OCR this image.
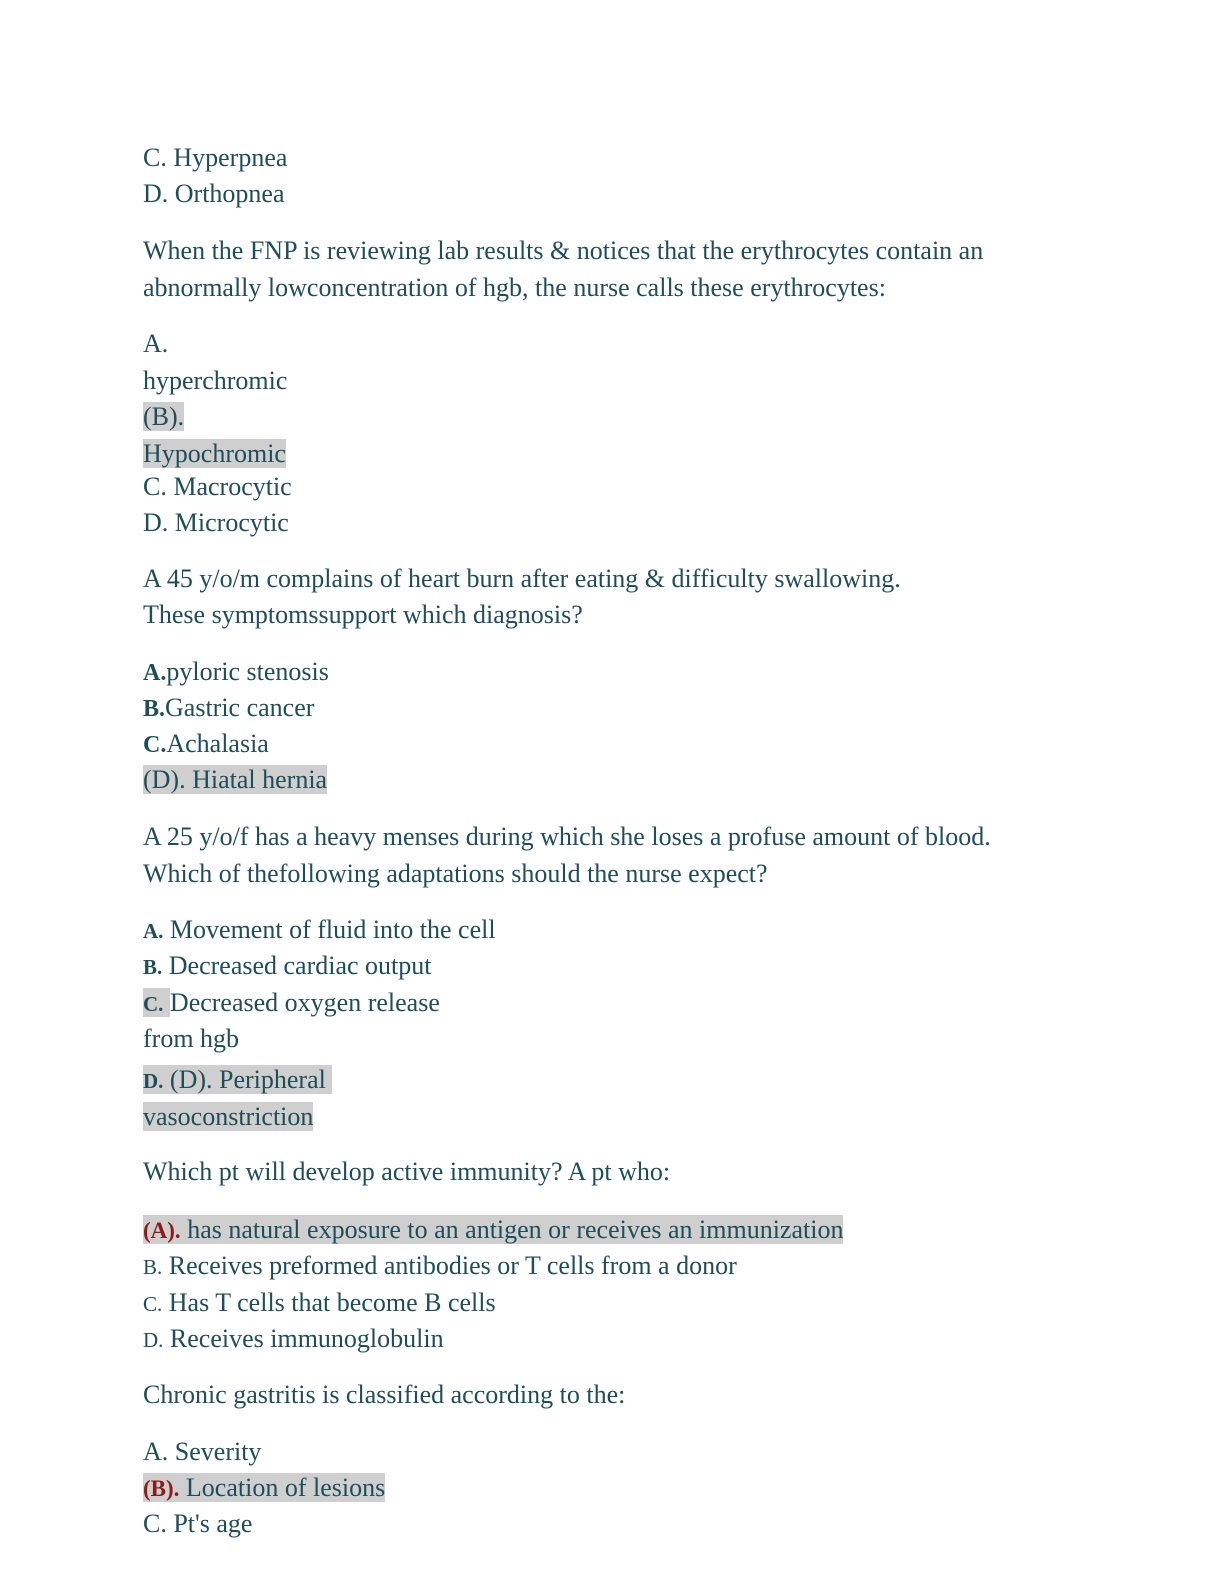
C. Hyperpnea
D. Orthopnea
When the FNP is reviewing lab results & notices that the erythrocytes contain an
abnormally lowconcentration of hgb, the nurse calls these erythrocytes:
A.
hyperchromic
(B).
Hypochromic
C. Macrocytic
D. Microcytic
A 45 y/o/m complains of heart burn after eating & difficulty swallowing.
These symptomssupport which diagnosis?
A.pyloric stenosis
B.Gastric cancer
C.Achalasia
(D). Hiatal hernia
A 25 y/o/f has a heavy menses during which she loses a profuse amount of blood.
Which of thefollowing adaptations should the nurse expect?
A. Movement of fluid into the cell
B. Decreased cardiac output
C. Decreased oxygen release
from hgb
D. (D). Peripheral
vasoconstriction
Which pt will develop active immunity? A pt who:
(A). has natural exposure to an antigen or receives an immunization
B. Receives preformed antibodies or T cells from a donor
C. Has T cells that become B cells
D. Receives immunoglobulin
Chronic gastritis is classified according to the:
A. Severity
(B). Location of lesions
C. Pt's age
